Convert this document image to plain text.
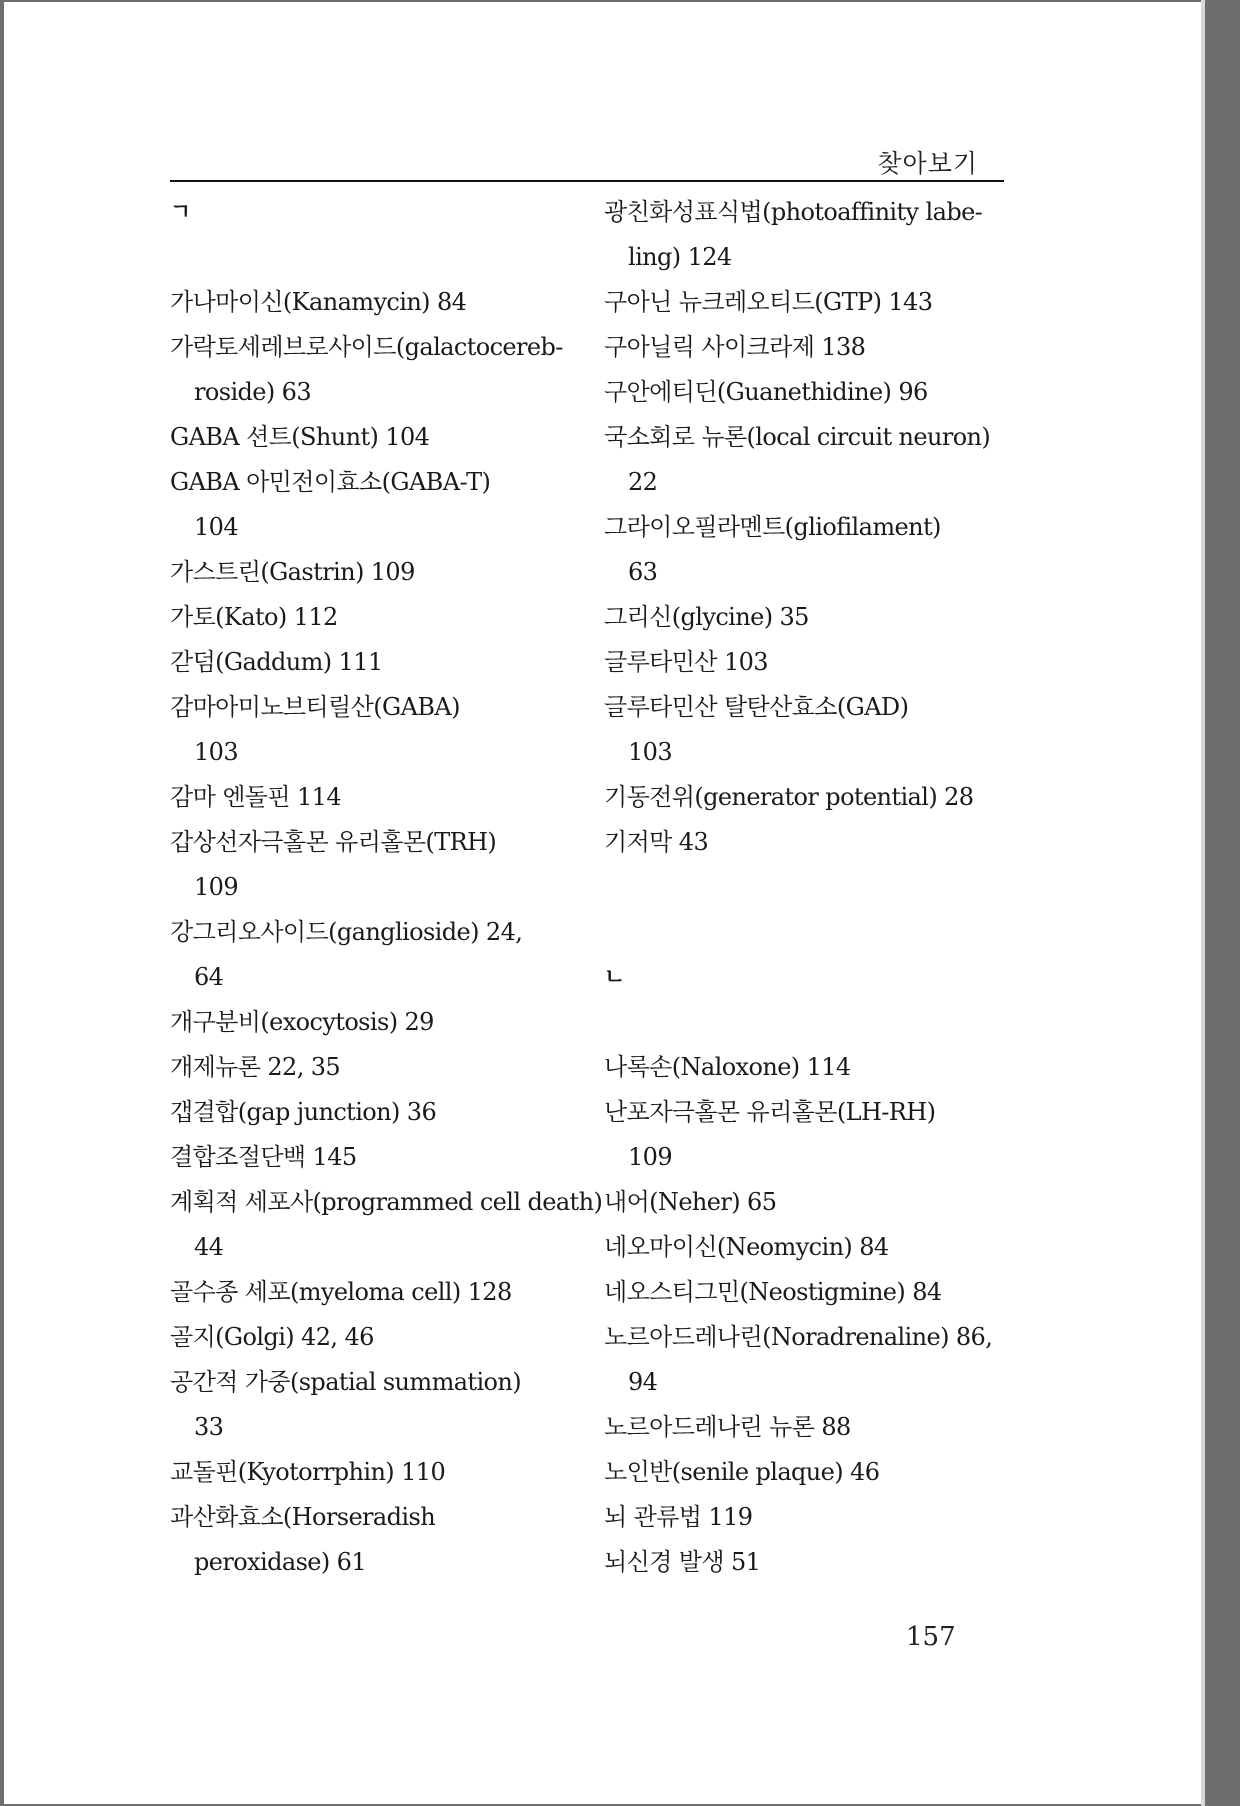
찾아보기
ㄱ
가나마이신(Kanamycin) 84
가락토세레브로사이드(galactocereb-
roside) 63
GABA 션트(Shunt) 104
GABA 아민전이효소(GABA-T)
104
가스트린(Gastrin) 109
가토(Kato) 112
갇덤(Gaddum) 111
감마아미노브티릴산(GABA)
103
감마 엔돌핀 114
갑상선자극홀몬 유리홀몬(TRH)
109
강그리오사이드(ganglioside) 24,
64
개구분비(exocytosis) 29
개제뉴론 22, 35
갭결합(gap junction) 36
결합조절단백 145
계획적 세포사(programmed cell death)
44
골수종 세포(myeloma cell) 128
골지(Golgi) 42, 46
공간적 가중(spatial summation)
33
교돌핀(Kyotorrphin) 110
과산화효소(Horseradish
peroxidase) 61
광친화성표식법(photoaffinity labe-
ling) 124
구아닌 뉴크레오티드(GTP) 143
구아닐릭 사이크라제 138
구안에티딘(Guanethidine) 96
국소회로 뉴론(local circuit neuron)
22
그라이오필라멘트(gliofilament)
63
그리신(glycine) 35
글루타민산 103
글루타민산 탈탄산효소(GAD)
103
기동전위(generator potential) 28
기저막 43
ㄴ
나록손(Naloxone) 114
난포자극홀몬 유리홀몬(LH-RH)
109
내어(Neher) 65
네오마이신(Neomycin) 84
네오스티그민(Neostigmine) 84
노르아드레나린(Noradrenaline) 86,
94
노르아드레나린 뉴론 88
노인반(senile plaque) 46
뇌 관류법 119
뇌신경 발생 51
157
